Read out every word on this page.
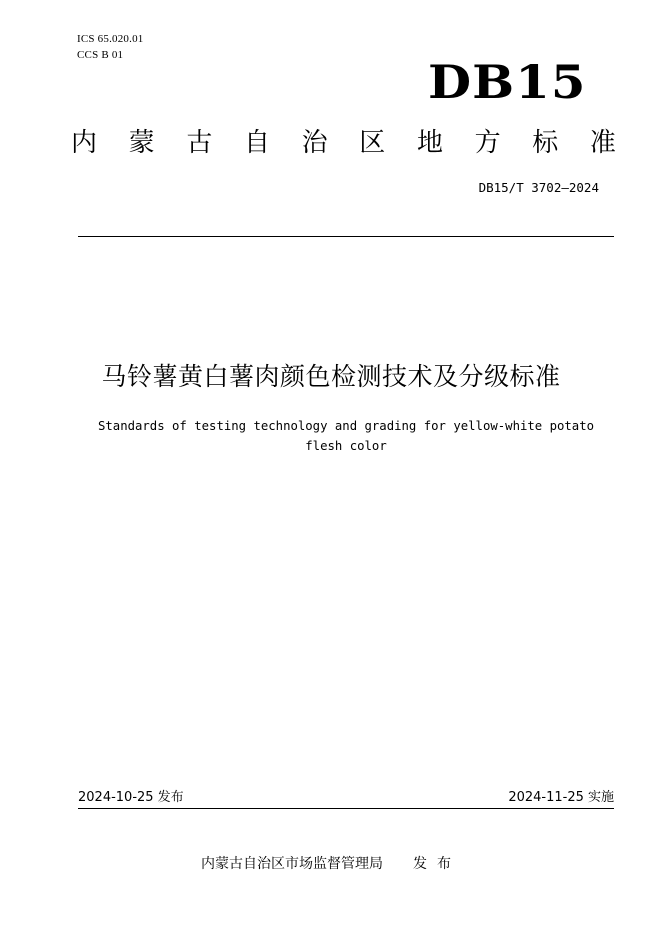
ICS 65.020.01
CCS B 01	DB15
内 蒙 古 自 治 区 地 方 标 准
DB15/T 3702—2024
马铃薯黄白薯肉颜色检测技术及分级标准
Standards of testing technology and grading for yellow-white potato
flesh color
2024-10-25 发布	2024-11-25 实施
内蒙古自治区市场监督管理局 发布
